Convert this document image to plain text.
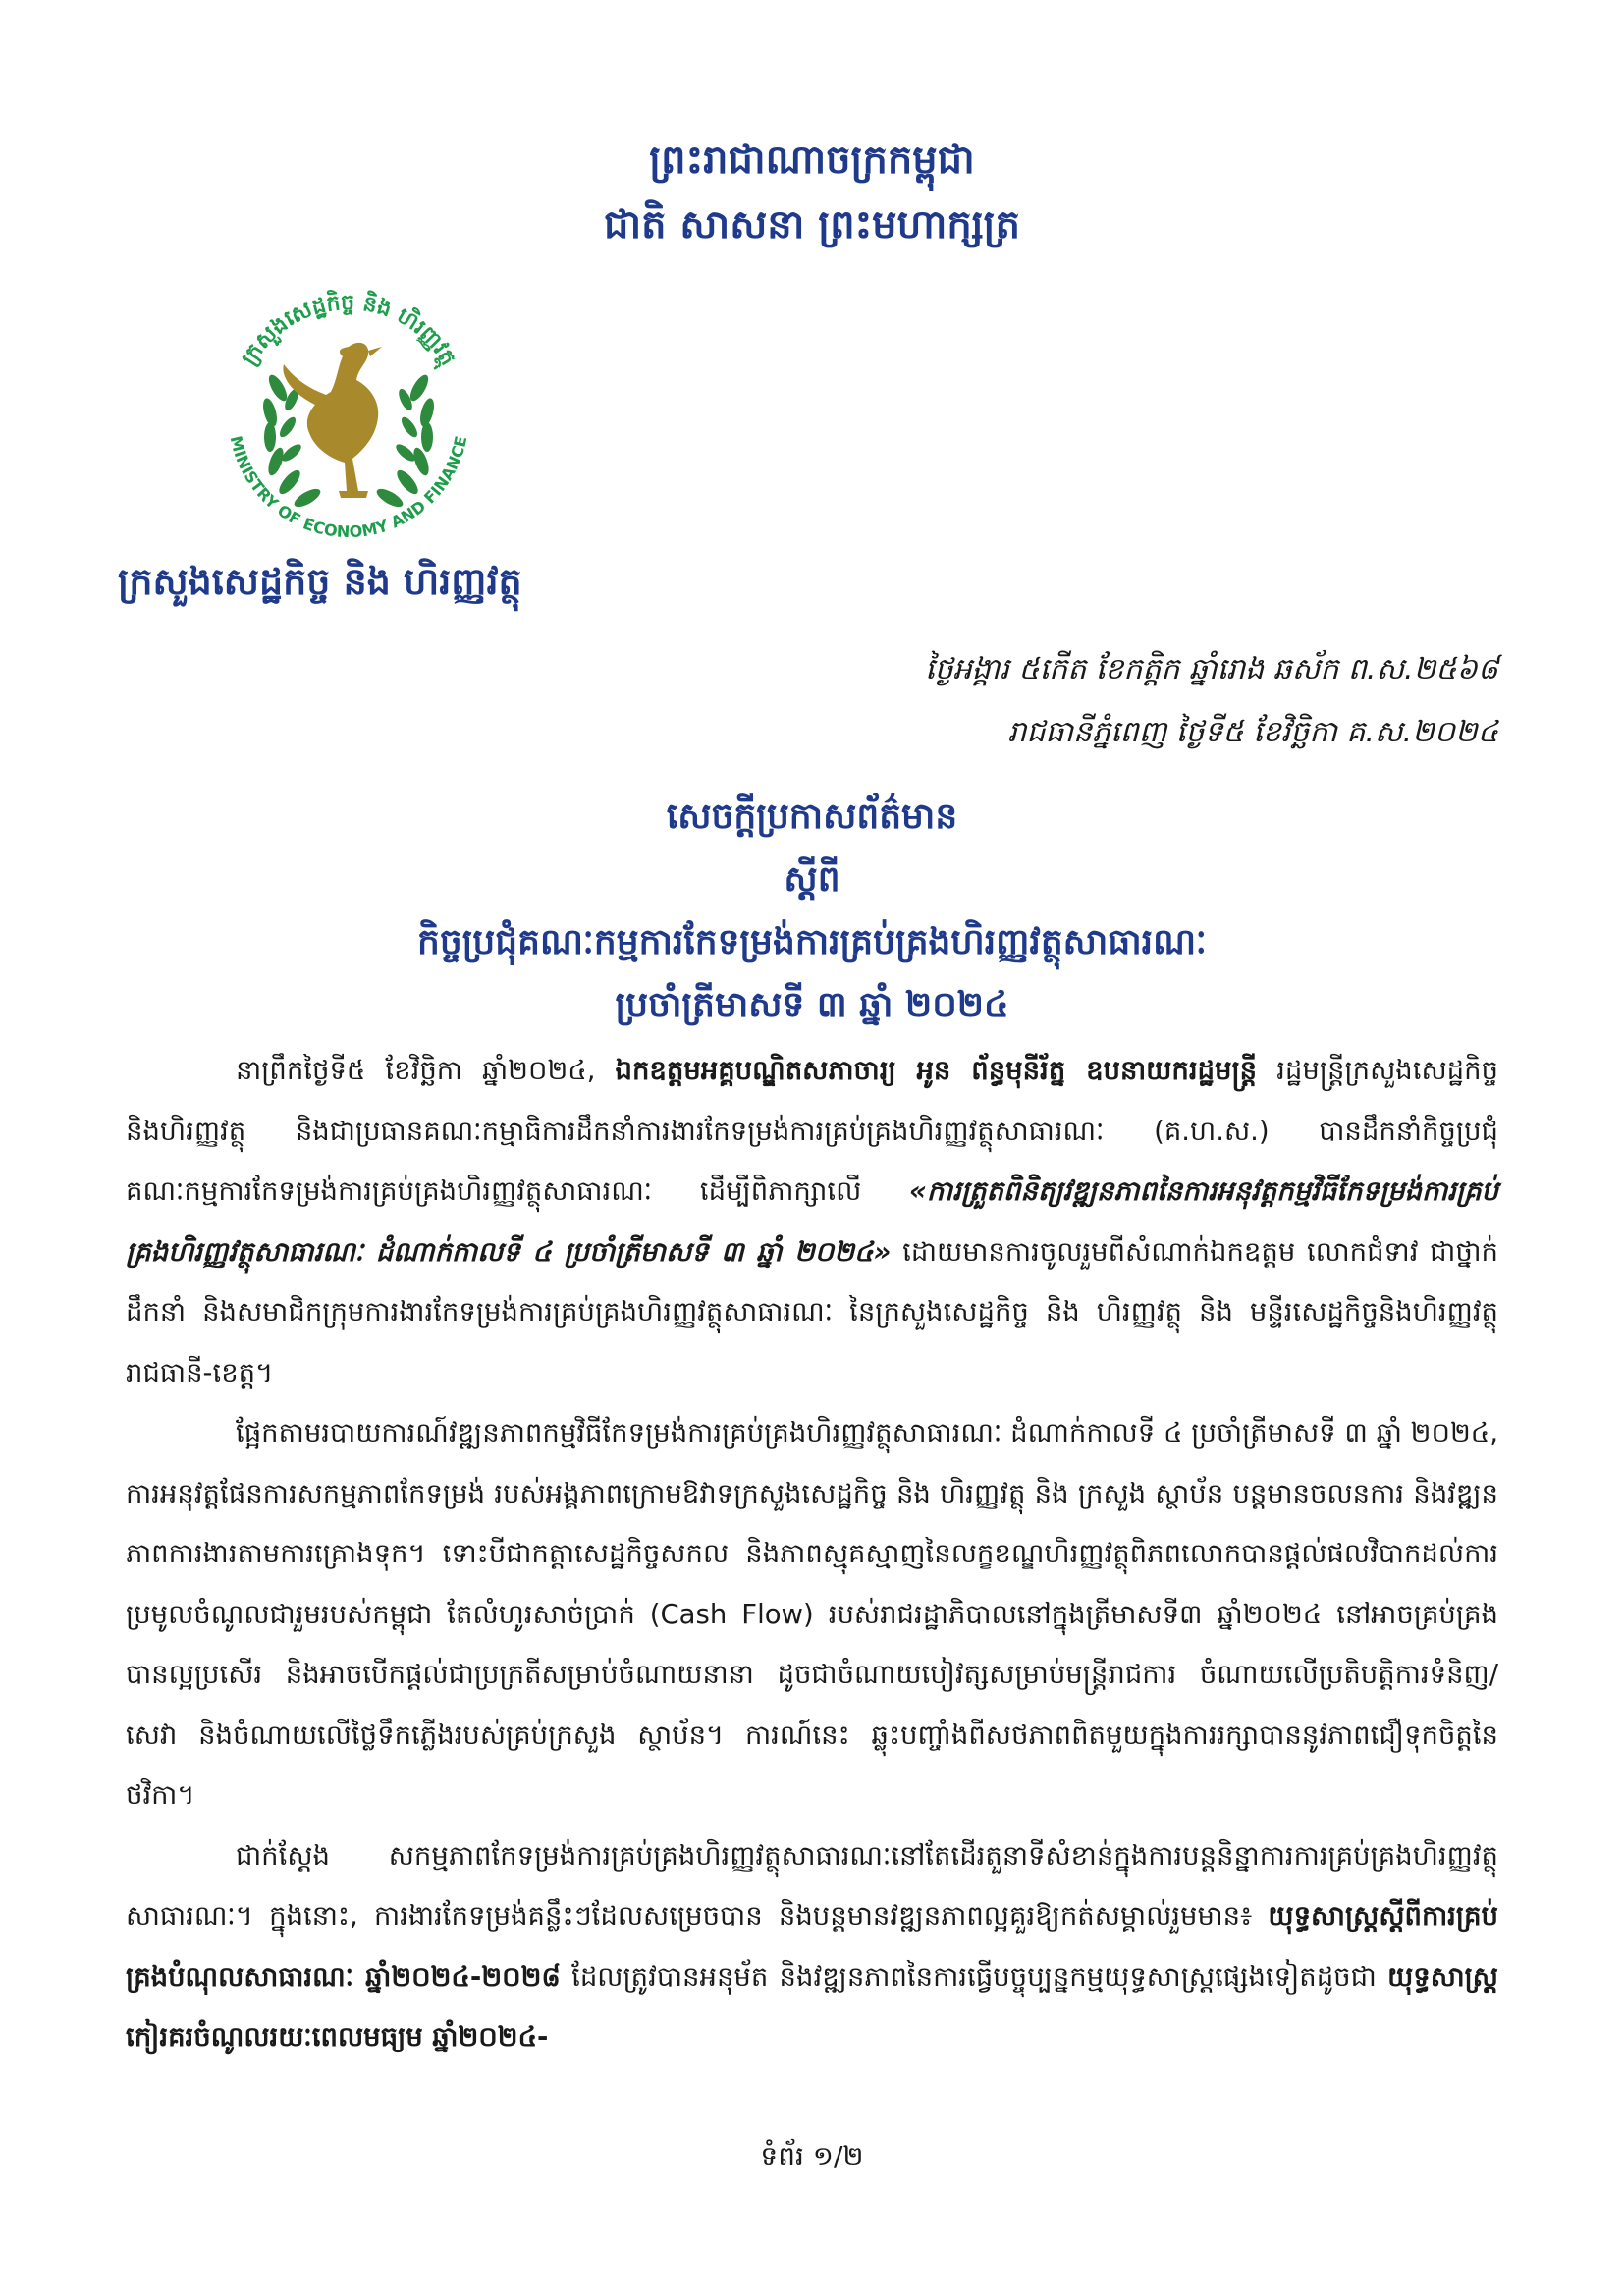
ព្រះរាជាណាចក្រកម្ពុជា
ជាតិ សាសនា ព្រះមហាក្សត្រ
ក្រសួងសេដ្ឋកិច្ច និង ហិរញ្ញវត្ថុ
MINISTRY OF ECONOMY AND FINANCE
ក្រសួងសេដ្ឋកិច្ច និង ហិរញ្ញវត្ថុ
ថ្ងៃអង្គារ ៥កើត ខែកត្តិក ឆ្នាំរោង ឆស័ក ព.ស.២៥៦៨
រាជធានីភ្នំពេញ ថ្ងៃទី៥ ខែវិច្ឆិកា គ.ស.២០២៤
សេចក្ដីប្រកាសព័ត៌មាន
ស្ដីពី
កិច្ចប្រជុំគណៈកម្មការកែទម្រង់ការគ្រប់គ្រងហិរញ្ញវត្ថុសាធារណៈ
ប្រចាំត្រីមាសទី ៣ ឆ្នាំ ២០២៤

នាព្រឹកថ្ងៃទី៥ ខែវិច្ឆិកា ឆ្នាំ២០២៤, ឯកឧត្តមអគ្គបណ្ឌិតសភាចារ្យ អូន ព័ន្ធមុនីរ័ត្ន ឧបនាយករដ្ឋមន្ត្រី រដ្ឋមន្ត្រីក្រសួងសេដ្ឋកិច្ចនិងហិរញ្ញវត្ថុ និងជាប្រធានគណៈកម្មាធិការដឹកនាំការងារកែទម្រង់ការគ្រប់គ្រងហិរញ្ញវត្ថុសាធារណៈ (គ.ហ.ស.) បានដឹកនាំកិច្ចប្រជុំគណៈកម្មការកែទម្រង់ការគ្រប់គ្រងហិរញ្ញវត្ថុសាធារណៈ ដើម្បីពិភាក្សាលើ «ការត្រួតពិនិត្យវឌ្ឍនភាពនៃការអនុវត្តកម្មវិធីកែទម្រង់ការគ្រប់គ្រងហិរញ្ញវត្ថុសាធារណៈ ដំណាក់កាលទី ៤ ប្រចាំត្រីមាសទី ៣ ឆ្នាំ ២០២៤» ដោយមានការចូលរួមពីសំណាក់ឯកឧត្តម លោកជំទាវ ជាថ្នាក់ដឹកនាំ និងសមាជិកក្រុមការងារកែទម្រង់ការគ្រប់គ្រងហិរញ្ញវត្ថុសាធារណៈ នៃក្រសួងសេដ្ឋកិច្ច និង ហិរញ្ញវត្ថុ និង មន្ទីរសេដ្ឋកិច្ចនិងហិរញ្ញវត្ថុរាជធានី-ខេត្ត។

ផ្អែកតាមរបាយការណ៍វឌ្ឍនភាពកម្មវិធីកែទម្រង់ការគ្រប់គ្រងហិរញ្ញវត្ថុសាធារណៈ ដំណាក់កាលទី ៤ ប្រចាំត្រីមាសទី ៣ ឆ្នាំ ២០២៤, ការអនុវត្តផែនការសកម្មភាពកែទម្រង់ របស់អង្គភាពក្រោមឱវាទក្រសួងសេដ្ឋកិច្ច និង ហិរញ្ញវត្ថុ និង ក្រសួង ស្ថាប័ន បន្តមានចលនការ និងវឌ្ឍនភាពការងារតាមការគ្រោងទុក។ ទោះបីជាកត្តាសេដ្ឋកិច្ចសកល និងភាពស្មុគស្មាញនៃលក្ខខណ្ឌហិរញ្ញវត្ថុពិភពលោកបានផ្តល់ផលវិបាកដល់ការប្រមូលចំណូលជារួមរបស់កម្ពុជា តែលំហូរសាច់ប្រាក់ (Cash Flow) របស់រាជរដ្ឋាភិបាលនៅក្នុងត្រីមាសទី៣ ឆ្នាំ២០២៤ នៅអាចគ្រប់គ្រងបានល្អប្រសើរ និងអាចបើកផ្តល់ជាប្រក្រតីសម្រាប់ចំណាយនានា ដូចជាចំណាយបៀវត្សសម្រាប់មន្ត្រីរាជការ ចំណាយលើប្រតិបត្តិការទំនិញ/សេវា និងចំណាយលើថ្លៃទឹកភ្លើងរបស់គ្រប់ក្រសួង ស្ថាប័ន។ ការណ៍នេះ ឆ្លុះបញ្ចាំងពីសថភាពពិតមួយក្នុងការរក្សាបាននូវភាពជឿទុកចិត្តនៃថវិកា។

ជាក់ស្តែង សកម្មភាពកែទម្រង់ការគ្រប់គ្រងហិរញ្ញវត្ថុសាធារណៈនៅតែដើរតួនាទីសំខាន់ក្នុងការបន្តនិន្នាការការគ្រប់គ្រងហិរញ្ញវត្ថុសាធារណៈ។ ក្នុងនោះ, ការងារកែទម្រង់គន្លឹះៗដែលសម្រេចបាន និងបន្តមានវឌ្ឍនភាពល្អគួរឱ្យកត់សម្គាល់រួមមាន៖ យុទ្ធសាស្ត្រស្តីពីការគ្រប់គ្រងបំណុលសាធារណៈ ឆ្នាំ២០២៤-២០២៨ ដែលត្រូវបានអនុម័ត និងវឌ្ឍនភាពនៃការធ្វើបច្ចុប្បន្នកម្មយុទ្ធសាស្ត្រផ្សេងទៀតដូចជា យុទ្ធសាស្ត្រកៀរគរចំណូលរយៈពេលមធ្យម ឆ្នាំ២០២៤-

ទំព័រ ១/២
